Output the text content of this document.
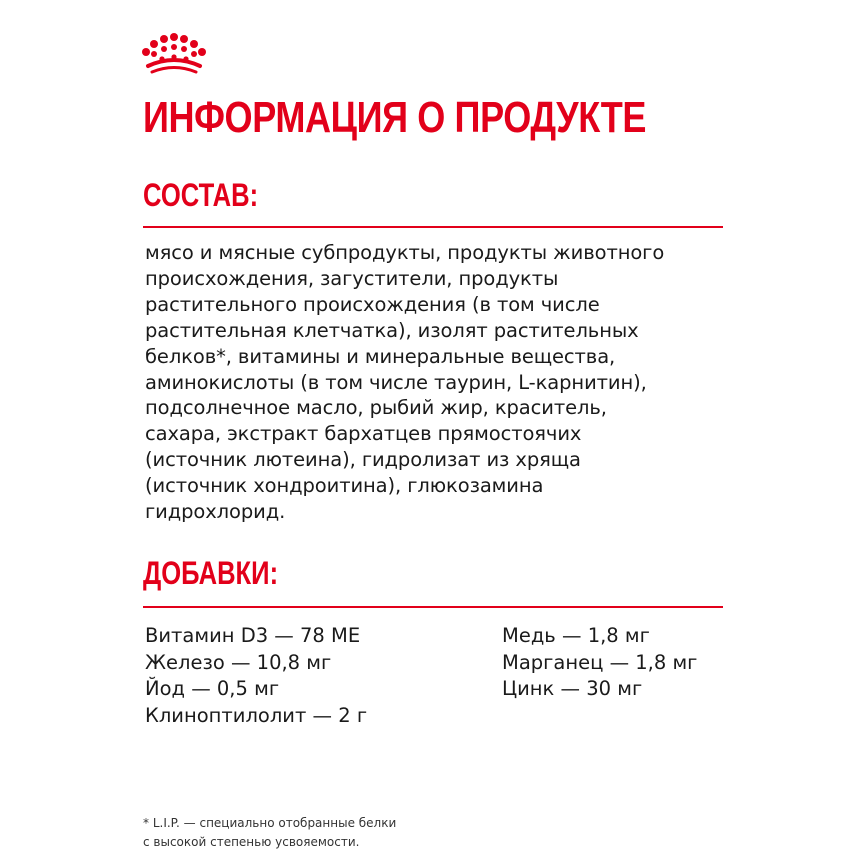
ИНФОРМАЦИЯ О ПРОДУКТЕ
СОСТАВ:

мясо и мясные субпродукты, продукты животного
происхождения, загустители, продукты
растительного происхождения (в том числе
растительная клетчатка), изолят растительных
белков*, витамины и минеральные вещества,
аминокислоты (в том числе таурин, L-карнитин),
подсолнечное масло, рыбий жир, краситель,
сахара, экстракт бархатцев прямостоячих
(источник лютеина), гидролизат из хряща
(источник хондроитина), глюкозамина
гидрохлорид.

ДОБАВКИ:
Витамин D3 — 78 МЕ
Железо — 10,8 мг
Йод — 0,5 мг
Клиноптилолит — 2 г
Медь — 1,8 мг
Марганец — 1,8 мг
Цинк — 30 мг

* L.I.P. — специально отобранные белки
с высокой степенью усвояемости.
